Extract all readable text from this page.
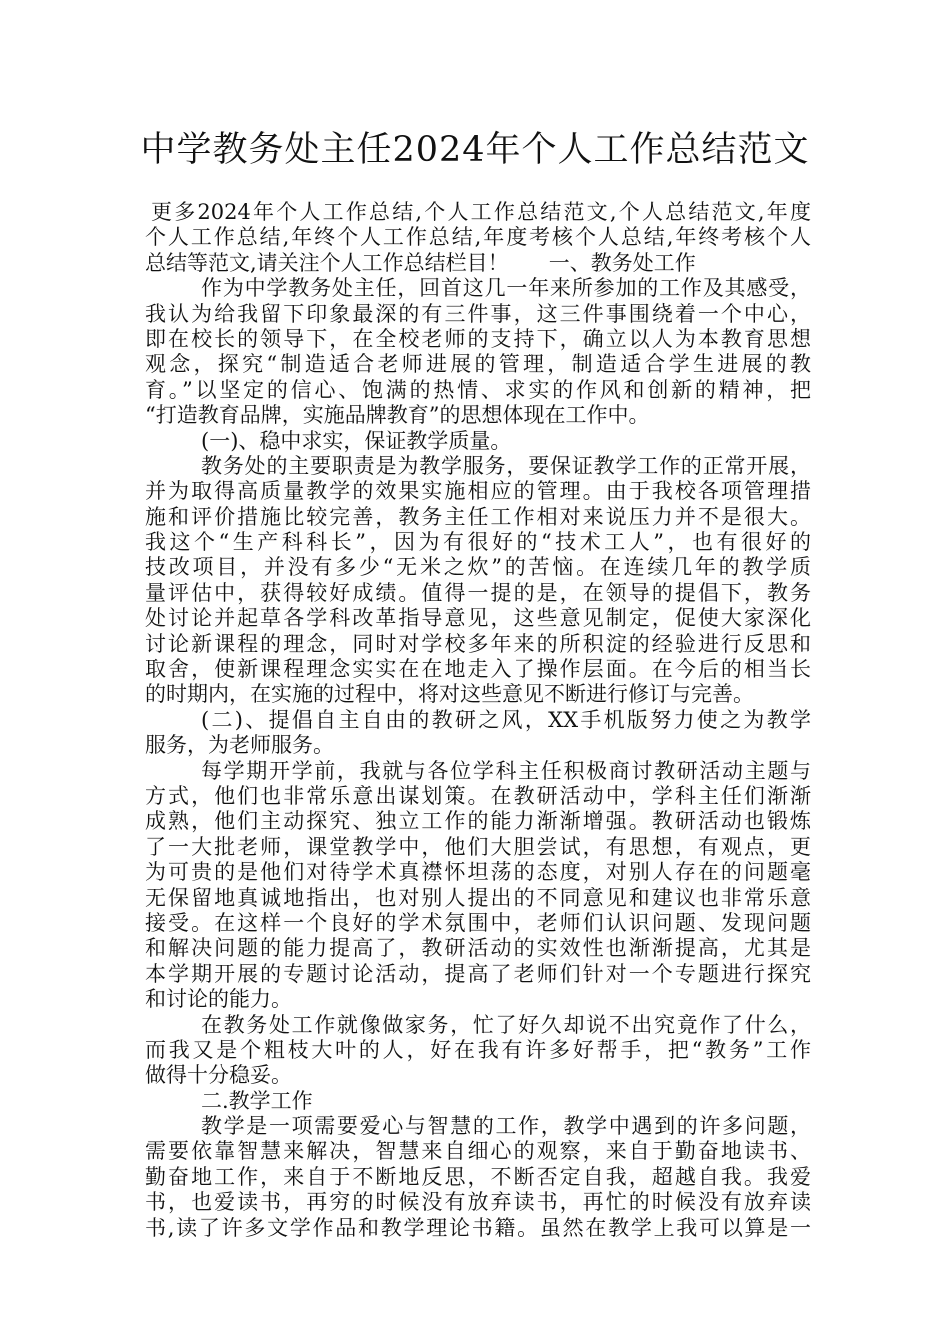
中学教务处主任2024年个人工作总结范文
更多2024年个人工作总结,个人工作总结范文,个人总结范文,年度
个人工作总结,年终个人工作总结,年度考核个人总结,年终考核个人
总结等范文,请关注个人工作总结栏目！      一、教务处工作
作为中学教务处主任，回首这几一年来所参加的工作及其感受，
我认为给我留下印象最深的有三件事，这三件事围绕着一个中心，
即在校长的领导下，在全校老师的支持下，确立以人为本教育思想
观念，探究“制造适合老师进展的管理，制造适合学生进展的教
育。”以坚定的信心、饱满的热情、求实的作风和创新的精神，把
“打造教育品牌，实施品牌教育”的思想体现在工作中。
(一)、稳中求实，保证教学质量。
教务处的主要职责是为教学服务，要保证教学工作的正常开展，
并为取得高质量教学的效果实施相应的管理。由于我校各项管理措
施和评价措施比较完善，教务主任工作相对来说压力并不是很大。
我这个“生产科科长”，因为有很好的“技术工人”，也有很好的
技改项目，并没有多少“无米之炊”的苦恼。在连续几年的教学质
量评估中，获得较好成绩。值得一提的是，在领导的提倡下，教务
处讨论并起草各学科改革指导意见，这些意见制定，促使大家深化
讨论新课程的理念，同时对学校多年来的所积淀的经验进行反思和
取舍，使新课程理念实实在在地走入了操作层面。在今后的相当长
的时期内，在实施的过程中，将对这些意见不断进行修订与完善。
(二)、提倡自主自由的教研之风，XX手机版努力使之为教学
服务，为老师服务。
每学期开学前，我就与各位学科主任积极商讨教研活动主题与
方式，他们也非常乐意出谋划策。在教研活动中，学科主任们渐渐
成熟，他们主动探究、独立工作的能力渐渐增强。教研活动也锻炼
了一大批老师，课堂教学中，他们大胆尝试，有思想，有观点，更
为可贵的是他们对待学术真襟怀坦荡的态度，对别人存在的问题毫
无保留地真诚地指出，也对别人提出的不同意见和建议也非常乐意
接受。在这样一个良好的学术氛围中，老师们认识问题、发现问题
和解决问题的能力提高了，教研活动的实效性也渐渐提高，尤其是
本学期开展的专题讨论活动，提高了老师们针对一个专题进行探究
和讨论的能力。
在教务处工作就像做家务，忙了好久却说不出究竟作了什么，
而我又是个粗枝大叶的人，好在我有许多好帮手，把“教务”工作
做得十分稳妥。
二.教学工作
教学是一项需要爱心与智慧的工作，教学中遇到的许多问题，
需要依靠智慧来解决，智慧来自细心的观察，来自于勤奋地读书、
勤奋地工作，来自于不断地反思，不断否定自我，超越自我。我爱
书，也爱读书，再穷的时候没有放弃读书，再忙的时候没有放弃读
书,读了许多文学作品和教学理论书籍。虽然在教学上我可以算是一
